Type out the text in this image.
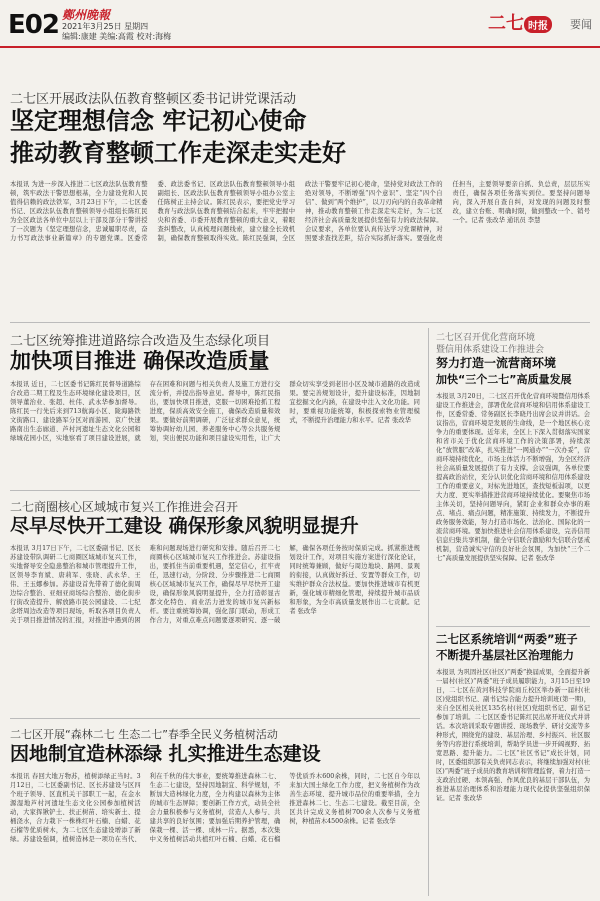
E02 鄭州晚報
2021年3月25日 星期四
编辑:康建 美编:高霞 校对:海梅
二七 时报	要闻
二七区开展政法队伍教育整顿区委书记讲党课活动
坚定理想信念 牢记初心使命
推动教育整顿工作走深走实走好
本报讯 为进一步深入推进二七区政法队伍教育整顿，筑牢政法干警思想根基，全力建设党和人民值得信赖的政法铁军，3月23日下午，二七区委书记、区政法队伍教育整顿领导小组组长陈红民为全区政法各单位中层以上干部及部分干警讲授了一次题为《坚定理想信念，忠诚履职尽责，奋力书写政法事业新篇章》的专题党课。区委常委、政法委书记、区政法队伍教育整顿领导小组副组长、区政法队伍教育整顿领导小组办公室主任陈树正主持会议。陈红民表示，要把党史学习教育与政法队伍教育整顿结合起来，牢牢把握中央和省委、市委开展教育整顿的重大意义，着眼查纠整改，认真梳理问题线索，建立健全长效机制，确保教育整顿取得实效。陈红民强调，全区政法干警要牢记初心使命，坚持党对政法工作的绝对领导，不断增强“四个意识”、坚定“四个自信”、做到“两个维护”，以刀刃向内的自我革命精神，推动教育整顿工作走深走实走好，为二七区经济社会高质量发展提供坚强有力的政法保障。会议要求，各单位要认真传达学习党课精神，对照要求查找差距，结合实际抓好落实。要强化责任担当，主要领导要亲自抓、负总责，层层压实责任，确保各项任务落实到位。要坚持问题导向，深入开展自查自纠，对发现的问题及时整改，建立台账、明确时限，做到整改一个、销号一个。记者 张改华 通讯员 李慧
二七区统筹推进道路综合改造及生态绿化项目
加快项目推进 确保改造质量
本报讯 近日，二七区委书记陈红民督导道路综合改造二期工程及生态环境绿化建设项目，区领导董治业、张超、杜伟、武永华参加督导。陈红民一行先后来到713航海小区、陇海路铁文街路口、建设路军分区对面游园、京广快速路南出生态廊道、芦村河遗址生态文化公园和绿城花园小区，实地察看了项目建设进展，就存在困难和问题与相关负责人及施工方进行交流分析，并提出指导意见。督导中，陈红民指出，要加快项目推进，克服一切困难抢抓工程进度，保质高效安全施工，确保改造质量和效果。要做好前期调研，广泛征求群众意见，统筹协调好幼儿园、养老服务中心等公共服务规划，突出便民功能和项目建设实用性，让广大群众切实享受到老旧小区及城市道路的改造成果。要完善规划设计，提升建设标准，因地制宜挖掘文化内涵，在建设中注入文化功能。同时，要重视功能统筹，积极探索物业管理模式，不断提升治理能力和水平。记者 张改华
二七商圈核心区域城市复兴工作推进会召开
尽早尽快开工建设 确保形象风貌明显提升
本报讯 3月17日下午，二七区委副书记、区长苏建设带队调研二七商圈区域城市复兴工作，实地督导安全隐患整治和城市管理提升工作，区领导李育斌、唐莉军、张晓、武永华、王伟、王玉娜参加。苏建设首先带着了德化街周边综合整治、亚细亚商场综合整治、德化街步行街改造提升、解放路市民公园建设、二七纪念塔周边改造等项目现场，听取各项目负责人关于项目推进情况的汇报，对推进中遇到的困难和问题现场进行研究和安排。随后召开二七商圈核心区域城市复兴工作推进会。苏建设指出，要抓住当前重要机遇，坚定信心，扛牢责任，迅速行动，分阶段、分步骤推进二七商圈核心区域城市复兴工作，确保尽早尽快开工建设，确保形象风貌明显提升，全力打造彰显古都文化特色、商业活力迸发的城市复兴新标杆。要注重统筹协调，强化部门联动，形成工作合力，对重点难点问题要逐项研究、逐一破解，确保各项任务按时保质完成。抓紧推进规划设计工作，对项目实施方案进行深化论证，同时统筹兼顾，做好与周边地块、路网、景观的衔接，认真做好拆迁、安置等群众工作，切实维护群众合法权益。要加快推进城市有机更新，强化城市精细化管理，持续提升城市品质和形象，为全市高质量发展作出二七贡献。记者 张改华
二七区开展“森林二七 生态二七”春季全民义务植树活动
因地制宜造林添绿 扎实推进生态建设
本报讯 春回大地万物苏，植树添绿正当时。3月12日，二七区委副书记、区长苏建设与区四个班子领导、区直机关干部职工一起，在金水源湿地芦村河遗址生态文化公园参加植树活动，大家挥锹铲土、扶正树苗、培实新土、提桶浇水，合力栽下一株株红叶石楠、白蜡、花石榴等优质树木，为二七区生态建设增添了新绿。苏建设强调，植树造林是一项功在当代、利在千秋的伟大事业，要统筹推进森林二七、生态二七建设，坚持因地制宜、科学规划，不断加大造林绿化力度，全力构建以森林为主体的城市生态屏障；要创新工作方式，动员全社会力量积极参与义务植树，营造人人参与、共建共享的良好氛围；要加强后期养护管理，确保栽一棵、活一棵、成林一片。据悉，本次集中义务植树活动共植红叶石楠、白蜡、花石榴等优质乔木600余株，同时，二七区自今年以来加大国土绿化工作力度，把义务植树作为改善生态环境、提升城市品位的重要举措，全力推进森林二七、生态二七建设。截至目前，全区共计完成义务植树700余人次参与义务植树，种植苗木4500余株。记者 张改华
二七区召开优化营商环境
暨信用体系建设工作推进会
努力打造一流营商环境
加快“三个二七”高质量发展
本报讯 3月20日，二七区召开优化营商环境暨信用体系建设工作推进会，部署优化营商环境和信用体系建设工作，区委常委、常务副区长李晓丹出席会议并讲话。会议指出，营商环境是发展的生命线，是一个地区核心竞争力的重要体现。近年来，全区上下深入贯彻落实国家和省市关于优化营商环境工作的决策部署，持续深化“放管服”改革，扎实推进“一网通办”“一次办妥”，营商环境持续优化，市场主体活力不断增强，为全区经济社会高质量发展提供了有力支撑。会议强调，各单位要提高政治站位，充分认识优化营商环境和信用体系建设工作的重要意义，对标先进地区，查找短板弱项，以更大力度、更实举措推进营商环境持续优化。要聚焦市场主体关切，坚持问题导向，紧盯企业和群众办事的难点、堵点、痛点问题，精准施策、持续发力，不断提升政务服务效能，努力打造市场化、法治化、国际化的一流营商环境。要加快推进社会信用体系建设，完善信用信息归集共享机制，健全守信联合激励和失信联合惩戒机制，营造诚实守信的良好社会氛围，为加快“三个二七”高质量发展提供坚实保障。记者 张改华
二七区系统培训“两委”班子
不断提升基层社区治理能力
本报讯 为巩固社区(社区)“两委”换届成果，全面提升新一届村(社区)“两委”班子成员履职能力，3月15日至19日，二七区在黄河科技学院商丘校区举办新一届村(社区)党组织书记、副书记综合能力提升培训班(第一期)，来自全区相关社区135名村(社区)党组织书记、副书记参加了培训。二七区区委书记陈红民出席开班仪式并讲话。本次培训采取专题讲授、现场教学、研讨交流等多种形式，围绕党的建设、基层治理、乡村振兴、社区服务等内容进行系统培训，帮助学员进一步开阔视野、拓宽思路、提升能力。二七区“社区书记”成长计划，同时，区委组织部有关负责同志表示，将继续加强对村(社区)“两委”班子成员的教育培训和管理监督，着力打造一支政治过硬、本领高强、作风优良的基层干部队伍，为推进基层治理体系和治理能力现代化提供坚强组织保证。记者 张改华
